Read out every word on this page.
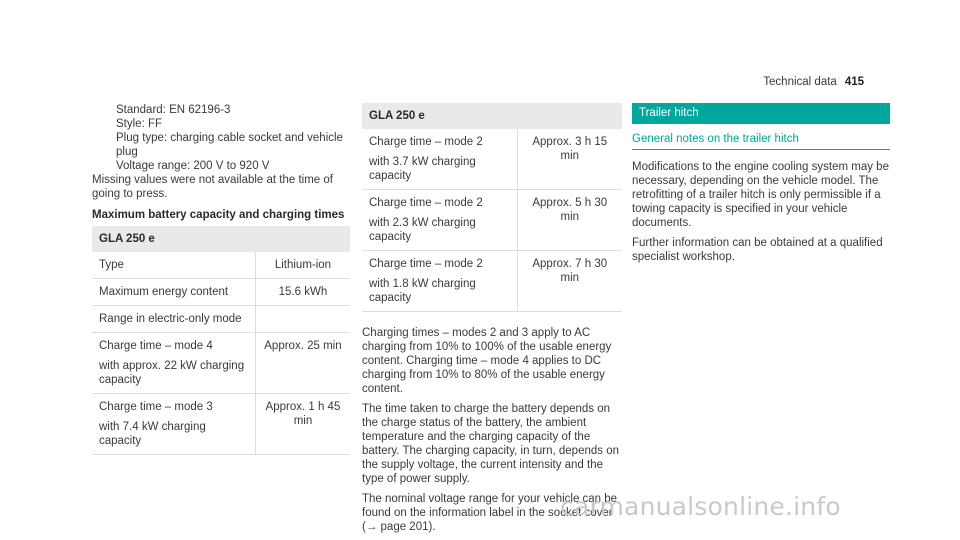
Technical data 415

Standard: EN 62196-3

Style: FF

Plug type: charging cable socket and vehicle plug

Voltage range: 200 V to 920 V

Missing values were not available at the time of going to press.

Maximum battery capacity and charging times

GLA 250 e	

Type	Lithium-ion

Maximum energy content	15.6 kWh

Range in electric-only mode	

Charge time – mode 4
with approx. 22 kW charging capacity	Approx. 25 min

Charge time – mode 3
with 7.4 kW charging capacity	Approx. 1 h 45 min
GLA 250 e	

Charge time – mode 2
with 3.7 kW charging capacity	Approx. 3 h 15 min

Charge time – mode 2
with 2.3 kW charging capacity	Approx. 5 h 30 min

Charge time – mode 2
with 1.8 kW charging capacity	Approx. 7 h 30 min

Charging times – modes 2 and 3 apply to AC charging from 10% to 100% of the usable energy content. Charging time – mode 4 applies to DC charging from 10% to 80% of the usable energy content.

The time taken to charge the battery depends on the charge status of the battery, the ambient temperature and the charging capacity of the battery. The charging capacity, in turn, depends on the supply voltage, the current intensity and the type of power supply.

The nominal voltage range for your vehicle can be found on the information label in the socket cover (→ page 201).

Trailer hitch
General notes on the trailer hitch

Modifications to the engine cooling system may be necessary, depending on the vehicle model. The retrofitting of a trailer hitch is only permissible if a towing capacity is specified in your vehicle documents.

Further information can be obtained at a qualified specialist workshop.

carmanualsonline.info
